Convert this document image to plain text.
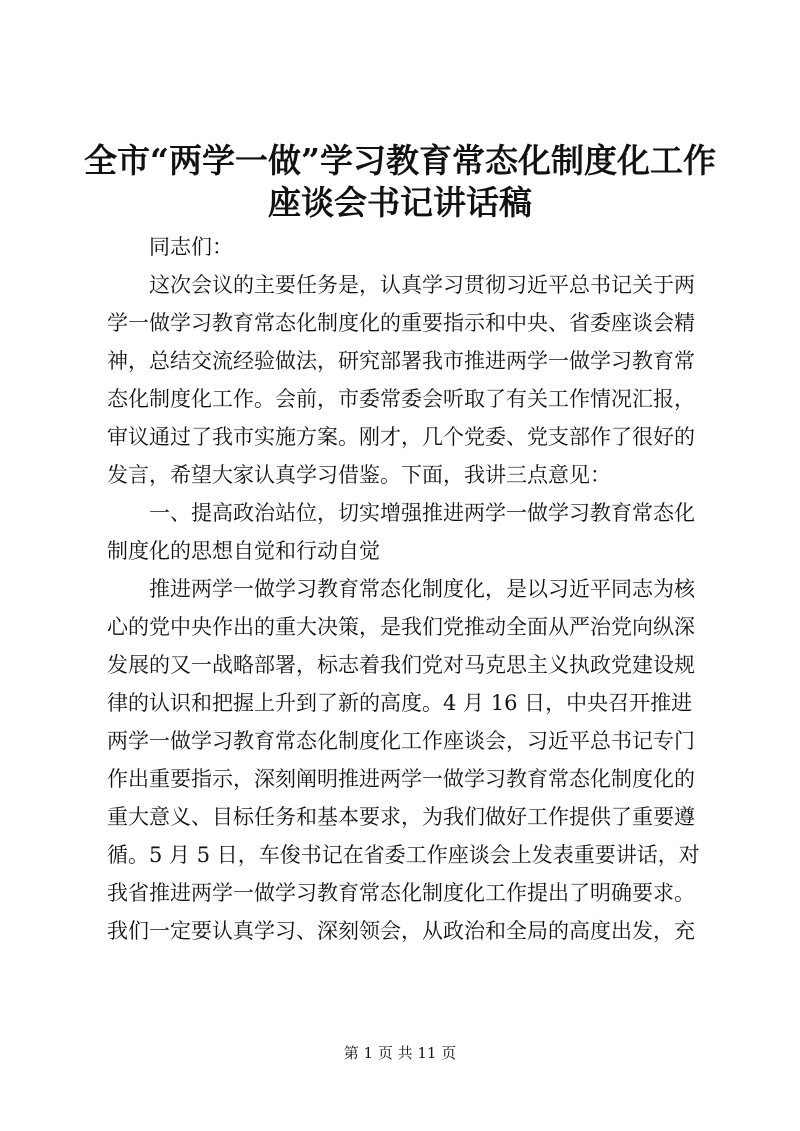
全市“两学一做”学习教育常态化制度化工作
座谈会书记讲话稿
同志们：
这次会议的主要任务是，认真学习贯彻习近平总书记关于两
学一做学习教育常态化制度化的重要指示和中央、省委座谈会精
神，总结交流经验做法，研究部署我市推进两学一做学习教育常
态化制度化工作。会前，市委常委会听取了有关工作情况汇报，
审议通过了我市实施方案。刚才，几个党委、党支部作了很好的
发言，希望大家认真学习借鉴。下面，我讲三点意见：
一、提高政治站位，切实增强推进两学一做学习教育常态化
制度化的思想自觉和行动自觉
推进两学一做学习教育常态化制度化，是以习近平同志为核
心的党中央作出的重大决策，是我们党推动全面从严治党向纵深
发展的又一战略部署，标志着我们党对马克思主义执政党建设规
律的认识和把握上升到了新的高度。4 月 16 日，中央召开推进
两学一做学习教育常态化制度化工作座谈会，习近平总书记专门
作出重要指示，深刻阐明推进两学一做学习教育常态化制度化的
重大意义、目标任务和基本要求，为我们做好工作提供了重要遵
循。5 月 5 日，车俊书记在省委工作座谈会上发表重要讲话，对
我省推进两学一做学习教育常态化制度化工作提出了明确要求。
我们一定要认真学习、深刻领会，从政治和全局的高度出发，充
第 1 页 共 11 页
